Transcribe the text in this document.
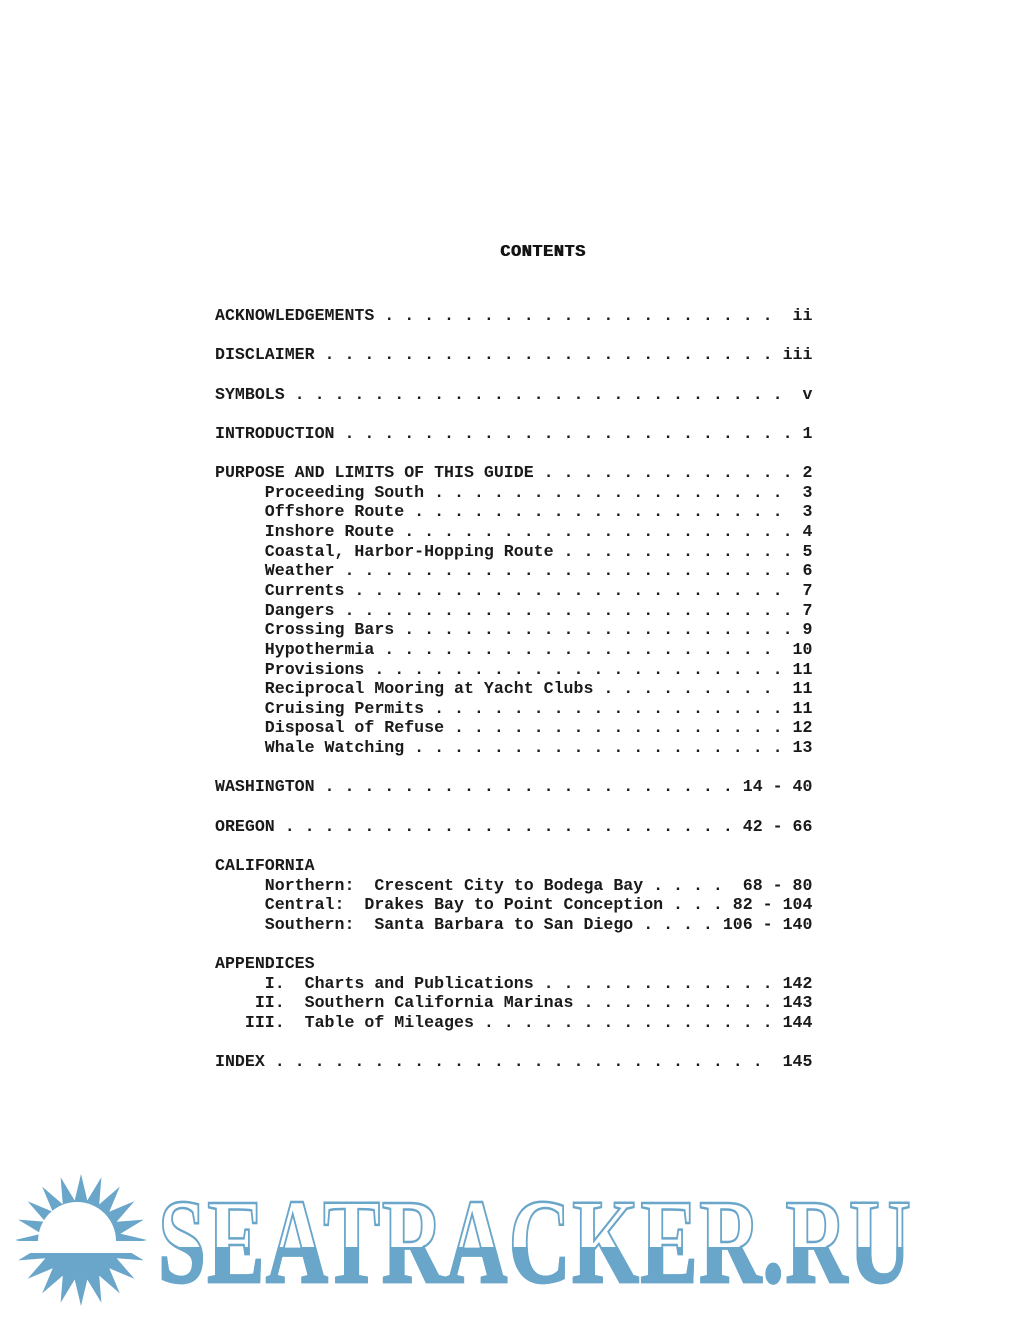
CONTENTS
ACKNOWLEDGEMENTS . . . . . . . . . . . . . . . . . . . .  ii

DISCLAIMER . . . . . . . . . . . . . . . . . . . . . . . iii

SYMBOLS . . . . . . . . . . . . . . . . . . . . . . . . .  v

INTRODUCTION . . . . . . . . . . . . . . . . . . . . . . . 1

PURPOSE AND LIMITS OF THIS GUIDE . . . . . . . . . . . . . 2
Proceeding South . . . . . . . . . . . . . . . . . .  3
Offshore Route . . . . . . . . . . . . . . . . . . .  3
Inshore Route . . . . . . . . . . . . . . . . . . . . 4
Coastal, Harbor-Hopping Route . . . . . . . . . . . . 5
Weather . . . . . . . . . . . . . . . . . . . . . . . 6
Currents . . . . . . . . . . . . . . . . . . . . . .  7
Dangers . . . . . . . . . . . . . . . . . . . . . . . 7
Crossing Bars . . . . . . . . . . . . . . . . . . . . 9
Hypothermia . . . . . . . . . . . . . . . . . . . .  10
Provisions . . . . . . . . . . . . . . . . . . . . . 11
Reciprocal Mooring at Yacht Clubs . . . . . . . . .  11
Cruising Permits . . . . . . . . . . . . . . . . . . 11
Disposal of Refuse . . . . . . . . . . . . . . . . . 12
Whale Watching . . . . . . . . . . . . . . . . . . . 13

WASHINGTON . . . . . . . . . . . . . . . . . . . . . 14 - 40

OREGON . . . . . . . . . . . . . . . . . . . . . . . 42 - 66

CALIFORNIA
Northern:  Crescent City to Bodega Bay . . . .  68 - 80
Central:  Drakes Bay to Point Conception . . . 82 - 104
Southern:  Santa Barbara to San Diego . . . . 106 - 140

APPENDICES
I.  Charts and Publications . . . . . . . . . . . . 142
II.  Southern California Marinas . . . . . . . . . . 143
III.  Table of Mileages . . . . . . . . . . . . . . . 144

INDEX . . . . . . . . . . . . . . . . . . . . . . . . .  145
SEATRACKER.RU
